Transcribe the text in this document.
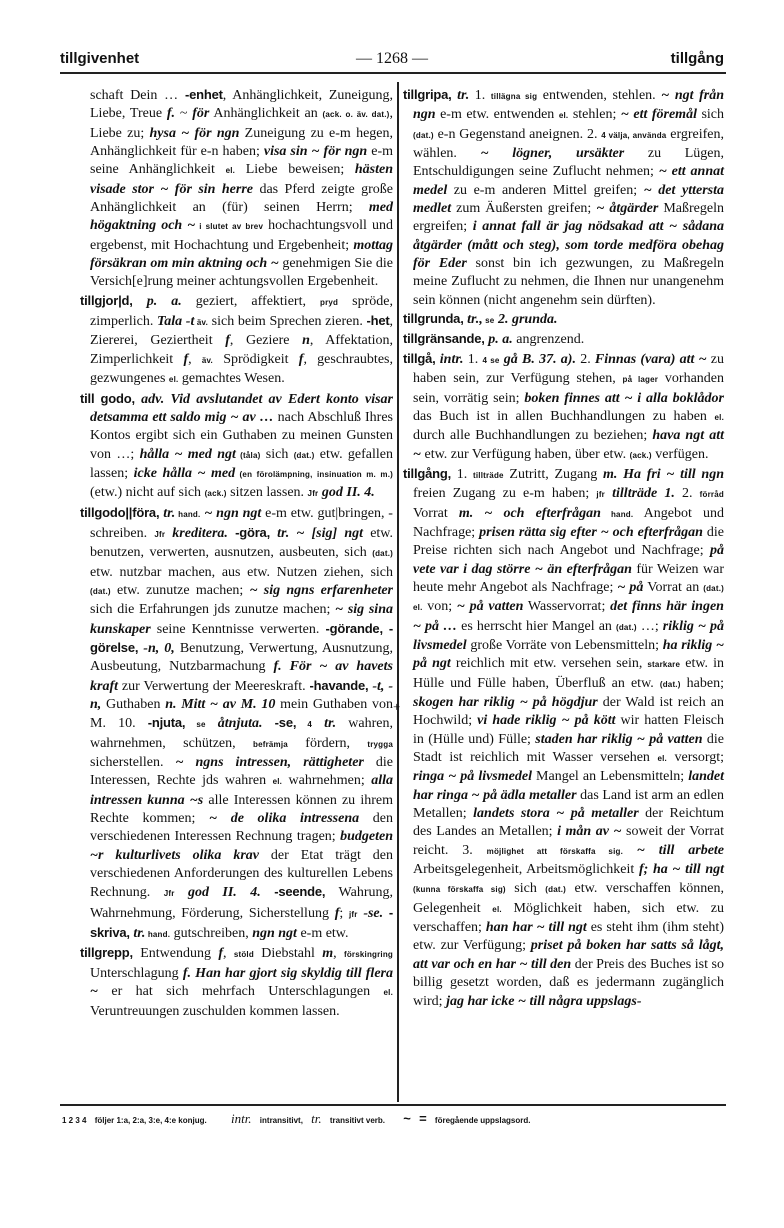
tillgivenhet	— 1268 —	tillgång
+

schaft Dein … -enhet, Anhänglichkeit, Zuneigung, Liebe, Treue f. ~ för Anhänglichkeit an (ack. o. äv. dat.), Liebe zu; hysa ~ för ngn Zuneigung zu e-m hegen, Anhänglichkeit für e-n haben; visa sin ~ för ngn e-m seine Anhänglichkeit el. Liebe beweisen; hästen visade stor ~ för sin herre das Pferd zeigte große Anhänglichkeit an (für) seinen Herrn; med högaktning och ~ i slutet av brev hochachtungsvoll und ergebenst, mit Hochachtung und Ergebenheit; mottag försäkran om min aktning och ~ genehmigen Sie die Versich[e]rung meiner achtungsvollen Ergebenheit.

tillgjor|d, p. a. geziert, affektiert, pryd spröde, zimperlich. Tala -t äv. sich beim Sprechen zieren. -het, Ziererei, Geziertheit f, Geziere n, Affektation, Zimperlichkeit f, äv. Sprödigkeit f, geschraubtes, gezwungenes el. gemachtes Wesen.

till godo, adv. Vid avslutandet av Edert konto visar detsamma ett saldo mig ~ av … nach Abschluß Ihres Kontos ergibt sich ein Guthaben zu meinen Gunsten von …; hålla ~ med ngt (tåla) sich (dat.) etw. gefallen lassen; icke hålla ~ med (en förolämpning, insinuation m. m.) (etw.) nicht auf sich (ack.) sitzen lassen. Jfr god II. 4.

tillgodo||föra, tr. hand. ~ ngn ngt e-m etw. gut|bringen, -schreiben. Jfr kreditera. -göra, tr. ~ [sig] ngt etw. benutzen, verwerten, ausnutzen, ausbeuten, sich (dat.) etw. nutzbar machen, aus etw. Nutzen ziehen, sich (dat.) etw. zunutze machen; ~ sig ngns erfarenheter sich die Erfahrungen jds zunutze machen; ~ sig sina kunskaper seine Kenntnisse verwerten. -görande, -görelse, -n, 0, Benutzung, Verwertung, Ausnutzung, Ausbeutung, Nutzbarmachung f. För ~ av havets kraft zur Verwertung der Meereskraft. -havande, -t, -n, Guthaben n. Mitt ~ av M. 10 mein Guthaben von M. 10. -njuta, se åtnjuta. -se, 4 tr. wahren, wahrnehmen, schützen, befrämja fördern, trygga sicherstellen. ~ ngns intressen, rättigheter die Interessen, Rechte jds wahren el. wahrnehmen; alla intressen kunna ~s alle Interessen können zu ihrem Rechte kommen; ~ de olika intressena den verschiedenen Interessen Rechnung tragen; budgeten ~r kulturlivets olika krav der Etat trägt den verschiedenen Anforderungen des kulturellen Lebens Rechnung. Jfr god II. 4. -seende, Wahrung, Wahrnehmung, Förderung, Sicherstellung f; jfr -se. -skriva, tr. hand. gutschreiben, ngn ngt e-m etw.

tillgrepp, Entwendung f, stöld Diebstahl m, förskingring Unterschlagung f. Han har gjort sig skyldig till flera ~ er hat sich mehrfach Unterschlagungen el. Veruntreuungen zuschulden kommen lassen.

tillgripa, tr. 1. tillägna sig entwenden, stehlen. ~ ngt från ngn e-m etw. entwenden el. stehlen; ~ ett föremål sich (dat.) e-n Gegenstand aneignen. 2. 4 välja, använda ergreifen, wählen. ~ lögner, ursäkter zu Lügen, Entschuldigungen seine Zuflucht nehmen; ~ ett annat medel zu e-m anderen Mittel greifen; ~ det yttersta medlet zum Äußersten greifen; ~ åtgärder Maßregeln ergreifen; i annat fall är jag nödsakad att ~ sådana åtgärder (mått och steg), som torde medföra obehag för Eder sonst bin ich gezwungen, zu Maßregeln meine Zuflucht zu nehmen, die Ihnen nur unangenehm sein können (nicht angenehm sein dürften).

tillgrunda, tr., se 2. grunda.

tillgränsande, p. a. angrenzend.

tillgå, intr. 1. 4 se gå B. 37. a). 2. Finnas (vara) att ~ zu haben sein, zur Verfügung stehen, på lager vorhanden sein, vorrätig sein; boken finnes att ~ i alla boklådor das Buch ist in allen Buchhandlungen zu haben el. durch alle Buchhandlungen zu beziehen; hava ngt att ~ etw. zur Verfügung haben, über etw. (ack.) verfügen.

tillgång, 1. tillträde Zutritt, Zugang m. Ha fri ~ till ngn freien Zugang zu e-m haben; jfr tillträde 1. 2. förråd Vorrat m. ~ och efterfrågan hand. Angebot und Nachfrage; prisen rätta sig efter ~ och efterfrågan die Preise richten sich nach Angebot und Nachfrage; på vete var i dag större ~ än efterfrågan für Weizen war heute mehr Angebot als Nachfrage; ~ på Vorrat an (dat.) el. von; ~ på vatten Wasservorrat; det finns här ingen ~ på … es herrscht hier Mangel an (dat.) …; riklig ~ på livsmedel große Vorräte von Lebensmitteln; ha riklig ~ på ngt reichlich mit etw. versehen sein, starkare etw. in Hülle und Fülle haben, Überfluß an etw. (dat.) haben; skogen har riklig ~ på högdjur der Wald ist reich an Hochwild; vi hade riklig ~ på kött wir hatten Fleisch in (Hülle und) Fülle; staden har riklig ~ på vatten die Stadt ist reichlich mit Wasser versehen el. versorgt; ringa ~ på livsmedel Mangel an Lebensmitteln; landet har ringa ~ på ädla metaller das Land ist arm an edlen Metallen; landets stora ~ på metaller der Reichtum des Landes an Metallen; i mån av ~ soweit der Vorrat reicht. 3. möjlighet att förskaffa sig. ~ till arbete Arbeitsgelegenheit, Arbeitsmöglichkeit f; ha ~ till ngt (kunna förskaffa sig) sich (dat.) etw. verschaffen können, Gelegenheit el. Möglichkeit haben, sich etw. zu verschaffen; han har ~ till ngt es steht ihm (ihm steht) etw. zur Verfügung; priset på boken har satts så lågt, att var och en har ~ till den der Preis des Buches ist so billig gesetzt worden, daß es jedermann zugänglich wird; jag har icke ~ till några uppslags-

1 2 3 4 följer 1:a, 2:a, 3:e, 4:e konjug. intr. intransitivt, tr. transitivt verb. ~ = föregående uppslagsord.
